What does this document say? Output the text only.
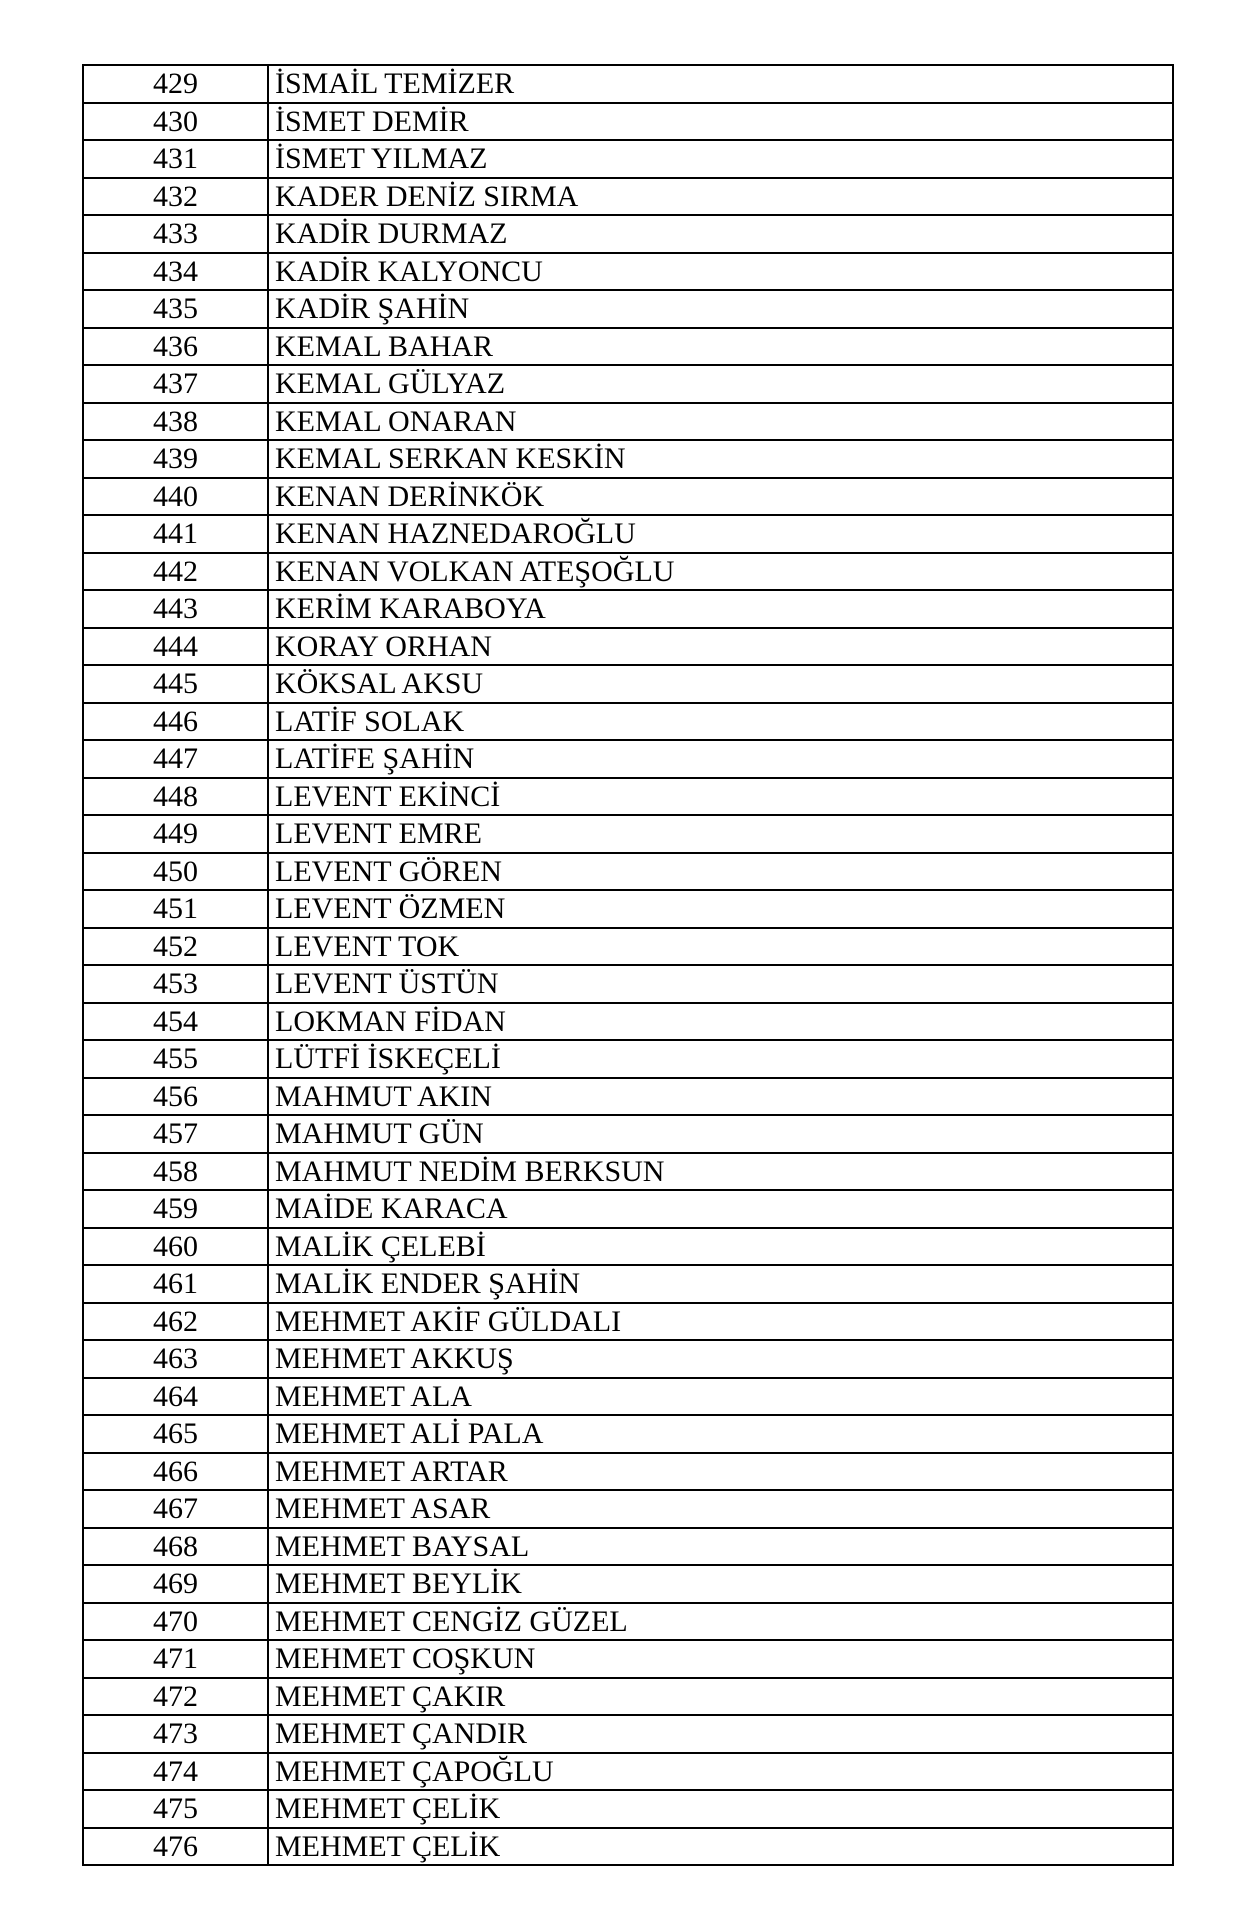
429	İSMAİL TEMİZER
430	İSMET DEMİR
431	İSMET YILMAZ
432	KADER DENİZ SIRMA
433	KADİR DURMAZ
434	KADİR KALYONCU
435	KADİR ŞAHİN
436	KEMAL BAHAR
437	KEMAL GÜLYAZ
438	KEMAL ONARAN
439	KEMAL SERKAN KESKİN
440	KENAN DERİNKÖK
441	KENAN HAZNEDAROĞLU
442	KENAN VOLKAN ATEŞOĞLU
443	KERİM KARABOYA
444	KORAY ORHAN
445	KÖKSAL AKSU
446	LATİF SOLAK
447	LATİFE ŞAHİN
448	LEVENT EKİNCİ
449	LEVENT EMRE
450	LEVENT GÖREN
451	LEVENT ÖZMEN
452	LEVENT TOK
453	LEVENT ÜSTÜN
454	LOKMAN FİDAN
455	LÜTFİ İSKEÇELİ
456	MAHMUT AKIN
457	MAHMUT GÜN
458	MAHMUT NEDİM BERKSUN
459	MAİDE KARACA
460	MALİK ÇELEBİ
461	MALİK ENDER ŞAHİN
462	MEHMET AKİF GÜLDALI
463	MEHMET AKKUŞ
464	MEHMET ALA
465	MEHMET ALİ PALA
466	MEHMET ARTAR
467	MEHMET ASAR
468	MEHMET BAYSAL
469	MEHMET BEYLİK
470	MEHMET CENGİZ GÜZEL
471	MEHMET COŞKUN
472	MEHMET ÇAKIR
473	MEHMET ÇANDIR
474	MEHMET ÇAPOĞLU
475	MEHMET ÇELİK
476	MEHMET ÇELİK
